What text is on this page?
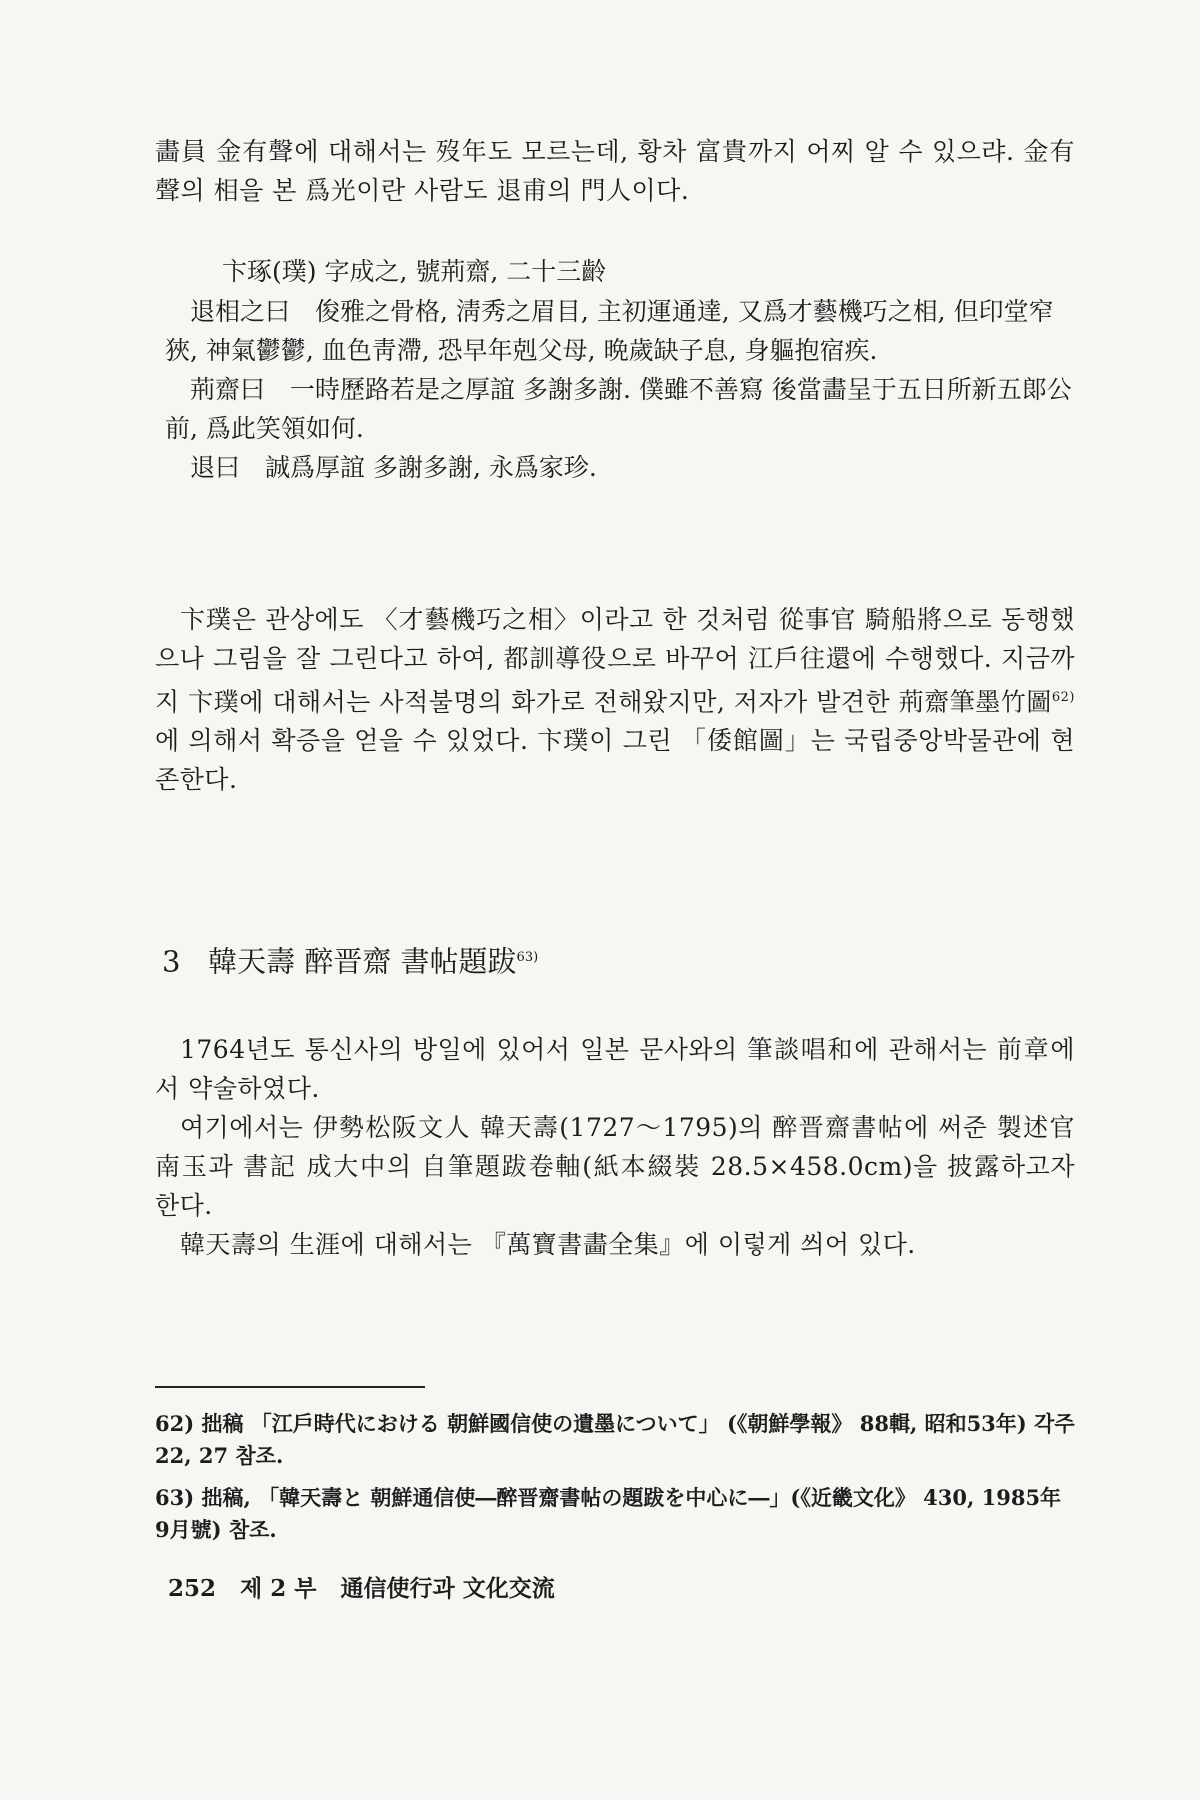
畵員 金有聲에 대해서는 歿年도 모르는데, 황차 富貴까지 어찌 알 수 있으랴. 金有聲의 相을 본 爲光이란 사람도 退甫의 門人이다.

卞琢(璞) 字成之, 號荊齋, 二十三齡

退相之曰　俊雅之骨格, 淸秀之眉目, 主初運通達, 又爲才藝機巧之相, 但印堂窄狹, 神氣鬱鬱, 血色靑滯, 恐早年剋父母, 晩歲缺子息, 身軀抱宿疾.

荊齋曰　一時歷路若是之厚誼 多謝多謝. 僕雖不善寫 後當畵呈于五日所新五郞公前, 爲此笑領如何.

退曰　誠爲厚誼 多謝多謝, 永爲家珍.

卞璞은 관상에도 〈才藝機巧之相〉이라고 한 것처럼 從事官 騎船將으로 동행했으나 그림을 잘 그린다고 하여, 都訓導役으로 바꾸어 江戶往還에 수행했다. 지금까지 卞璞에 대해서는 사적불명의 화가로 전해왔지만, 저자가 발견한 荊齋筆墨竹圖$^{62)}$에 의해서 확증을 얻을 수 있었다. 卞璞이 그린 「倭館圖」는 국립중앙박물관에 현존한다.

3 韓天壽 醉晋齋 書帖題跋$^{63)}$

1764년도 통신사의 방일에 있어서 일본 문사와의 筆談唱和에 관해서는 前章에서 약술하였다.

여기에서는 伊勢松阪文人 韓天壽(1727～1795)의 醉晋齋書帖에 써준 製述官 南玉과 書記 成大中의 自筆題跋卷軸(紙本綴裝 28.5×458.0cm)을 披露하고자 한다.

韓天壽의 生涯에 대해서는 『萬寶書畵全集』에 이렇게 씌어 있다.

62) 拙稿 「江戶時代における 朝鮮國信使の遺墨について」 (《朝鮮學報》 88輯, 昭和53年) 각주 22, 27 참조.

63) 拙稿, 「韓天壽と 朝鮮通信使―醉晋齋書帖の題跋を中心に―」(《近畿文化》 430, 1985年 9月號) 참조.

252 제 2 부 通信使行과 文化交流
